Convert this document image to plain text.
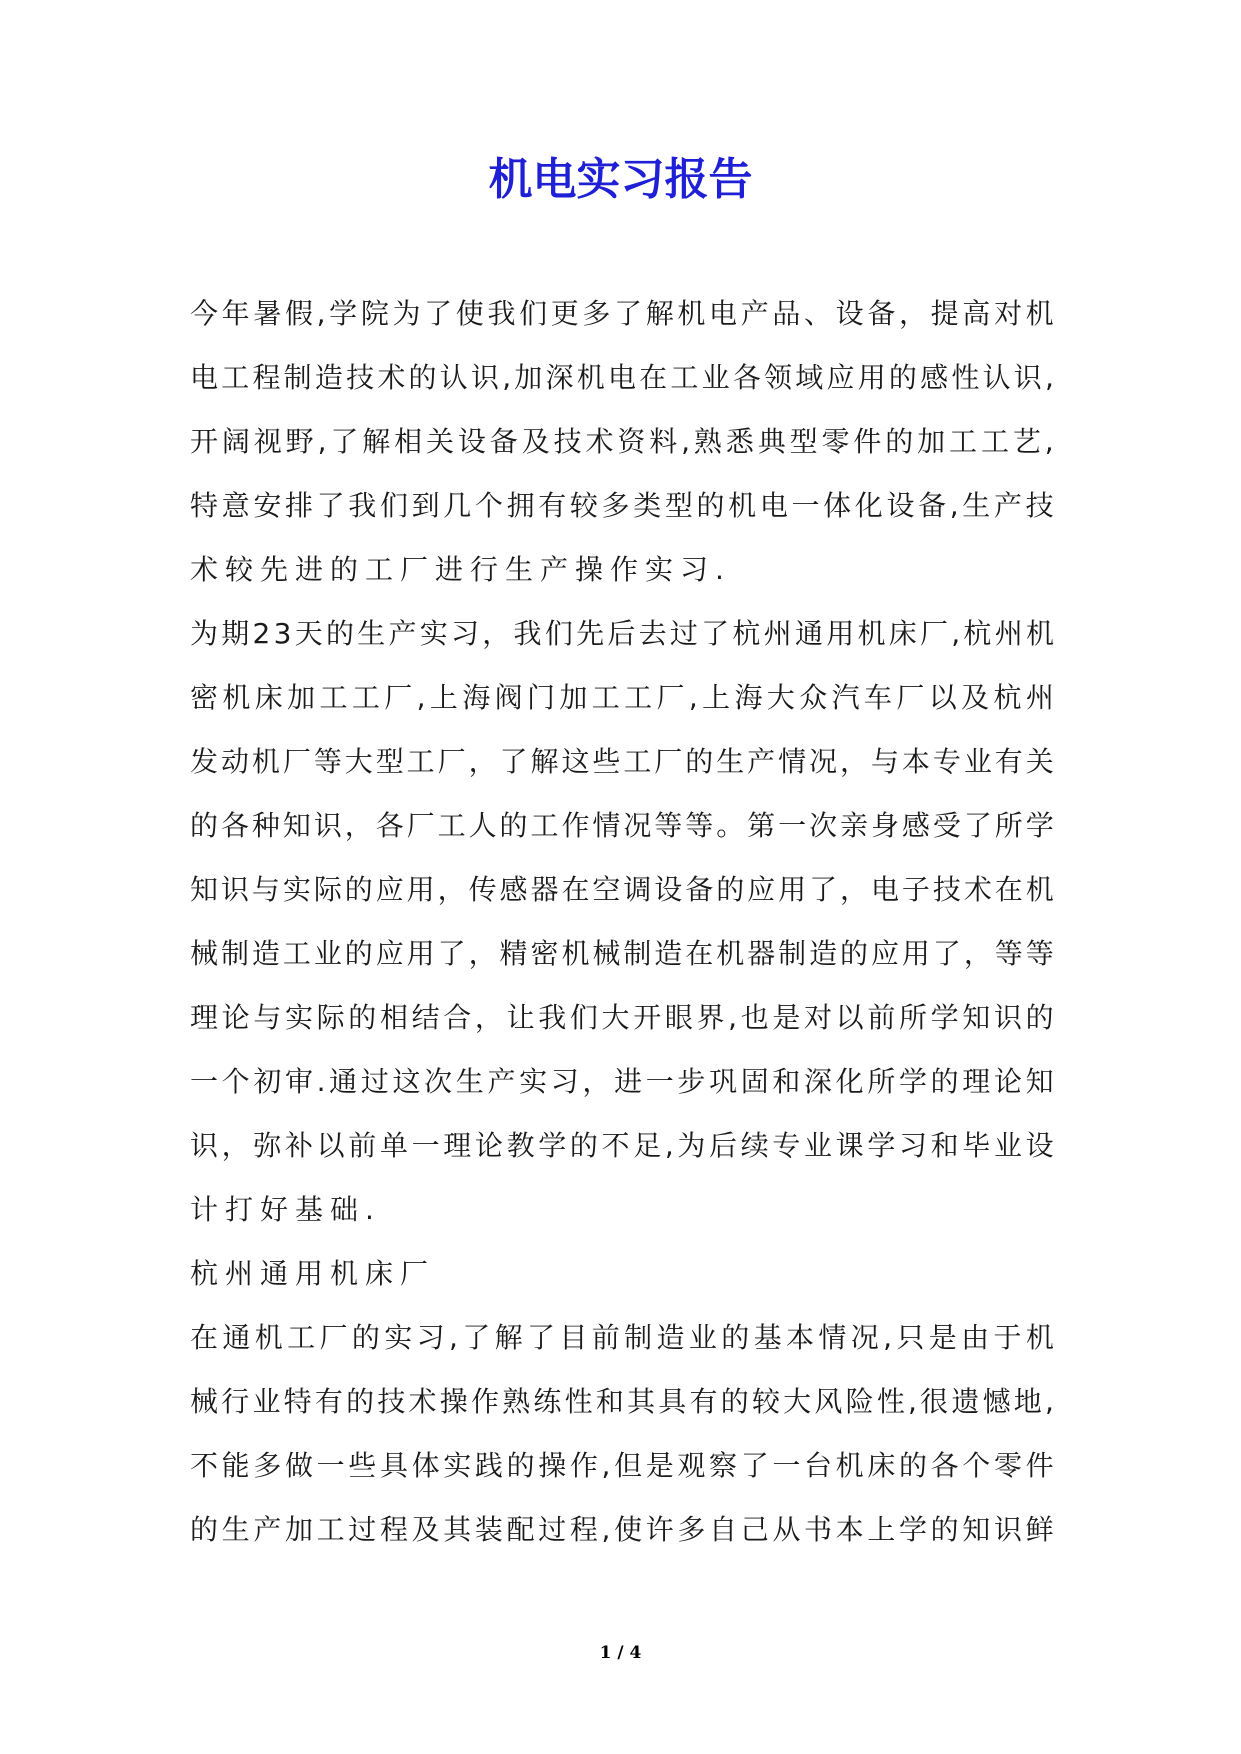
机电实习报告
今 年 暑 假 , 学 院 为 了 使 我 们 更 多 了 解 机 电 产 品 、 设 备 ， 提 高 对 机
电 工 程 制 造 技 术 的 认 识 , 加 深 机 电 在 工 业 各 领 域 应 用 的 感 性 认 识 ,
开 阔 视 野 , 了 解 相 关 设 备 及 技 术 资 料 , 熟 悉 典 型 零 件 的 加 工 工 艺 ,
特 意 安 排 了 我 们 到 几 个 拥 有 较 多 类 型 的 机 电 一 体 化 设 备 , 生 产 技
术较先进的工厂进行生产操作实习.
为 期 2 3 天 的 生 产 实 习 ， 我 们 先 后 去 过 了 杭 州 通 用 机 床 厂 , 杭 州 机
密 机 床 加 工 工 厂 , 上 海 阀 门 加 工 工 厂 , 上 海 大 众 汽 车 厂 以 及 杭 州
发 动 机 厂 等 大 型 工 厂 ， 了 解 这 些 工 厂 的 生 产 情 况 ， 与 本 专 业 有 关
的 各 种 知 识 ， 各 厂 工 人 的 工 作 情 况 等 等 。 第 一 次 亲 身 感 受 了 所 学
知 识 与 实 际 的 应 用 ， 传 感 器 在 空 调 设 备 的 应 用 了 ， 电 子 技 术 在 机
械 制 造 工 业 的 应 用 了 ， 精 密 机 械 制 造 在 机 器 制 造 的 应 用 了 ， 等 等
理 论 与 实 际 的 相 结 合 ， 让 我 们 大 开 眼 界 , 也 是 对 以 前 所 学 知 识 的
一 个 初 审 . 通 过 这 次 生 产 实 习 ， 进 一 步 巩 固 和 深 化 所 学 的 理 论 知
识 ， 弥 补 以 前 单 一 理 论 教 学 的 不 足 , 为 后 续 专 业 课 学 习 和 毕 业 设
计打好基础.
杭州通用机床厂
在 通 机 工 厂 的 实 习 , 了 解 了 目 前 制 造 业 的 基 本 情 况 , 只 是 由 于 机
械 行 业 特 有 的 技 术 操 作 熟 练 性 和 其 具 有 的 较 大 风 险 性 , 很 遗 憾 地 ,
不 能 多 做 一 些 具 体 实 践 的 操 作 , 但 是 观 察 了 一 台 机 床 的 各 个 零 件
的 生 产 加 工 过 程 及 其 装 配 过 程 , 使 许 多 自 己 从 书 本 上 学 的 知 识 鲜
1 / 4
